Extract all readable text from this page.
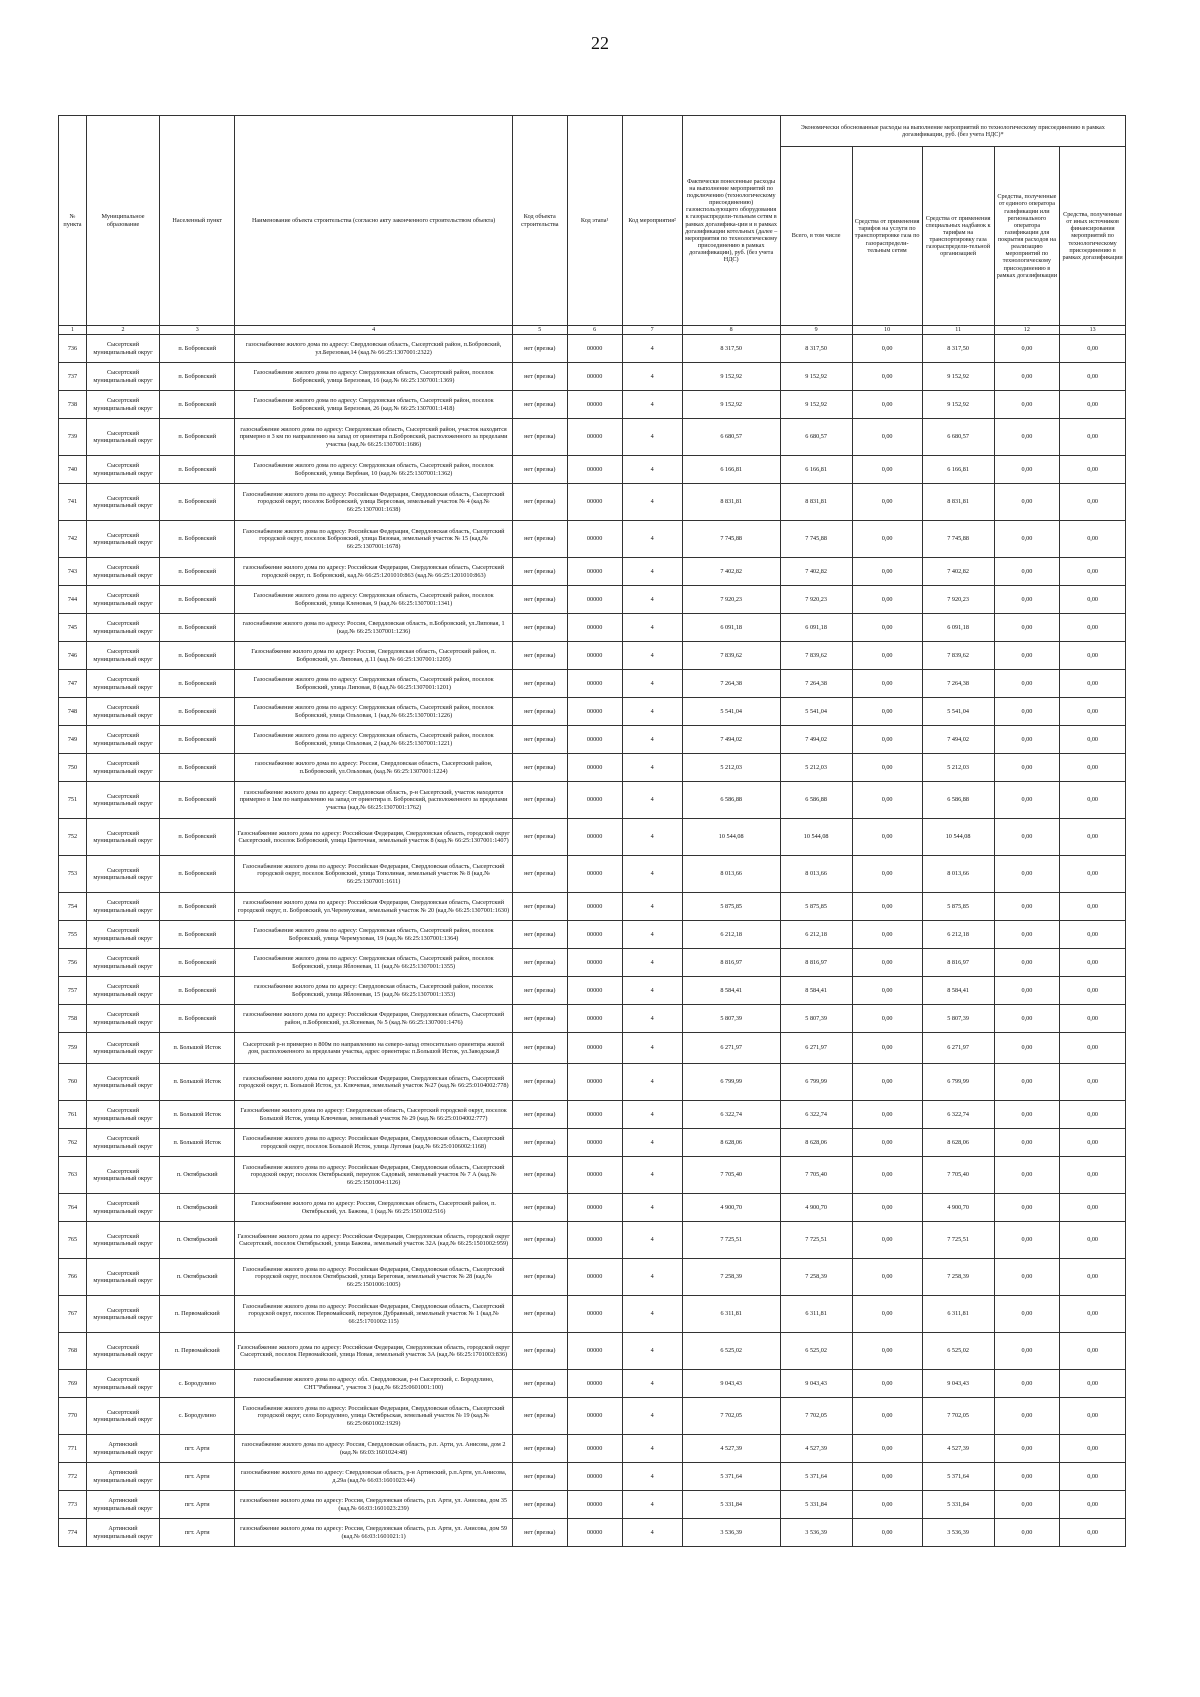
22
№ пункта	Муниципальное образование	Населенный пункт	Наименование объекта строительства (согласно акту законченного строительством объекта)	Код объекта строительства	Код этапа¹	Код мероприятия²	Фактически понесенные расходы на выполнение мероприятий по подключению (технологическому присоединению) газоиспользующего оборудования к газораспредели-тельным сетям в рамках догазифика-ции и в рамках догазификации котельных (далее – мероприятия по технологическому присоединению в рамках догазификации), руб. (без учета НДС)	Экономически обоснованные расходы на выполнение мероприятий по технологическому присоединению в рамках догазификации, руб. (без учета НДС)*				
								Всего, в том числе	Средства от применения тарифов на услуги по транспортировке газа по газораспредели-тельным сетям	Средства от применения специальных надбавок к тарифам на транспортировку газа газораспредели-тельной организацией	Средства, полученные от единого оператора газификации или регионального оператора газификации для покрытия расходов на реализацию мероприятий по технологическому присоединению в рамках догазификации	Средства, полученные от иных источников финансирования мероприятий по технологическому присоединению в рамках догазификации
1	2	3	4	5	6	7	8	9	10	11	12	13
736	Сысертский муниципальный округ	п. Бобровский	газоснабжение жилого дома по адресу: Свердловская область, Сысертский район, п.Бобровский, ул.Березовая,14 (кад.№ 66:25:1307001:2322)	нет (врезка)	00000	4	8 317,50	8 317,50	0,00	8 317,50	0,00	0,00
737	Сысертский муниципальный округ	п. Бобровский	Газоснабжение жилого дома по адресу: Свердловская область, Сысертский район, поселок Бобровский, улица Березовая, 16 (кад.№ 66:25:1307001:1369)	нет (врезка)	00000	4	9 152,92	9 152,92	0,00	9 152,92	0,00	0,00
738	Сысертский муниципальный округ	п. Бобровский	Газоснабжение жилого дома по адресу: Свердловская область, Сысертский район, поселок Бобровский, улица Березовая, 26 (кад.№ 66:25:1307001:1418)	нет (врезка)	00000	4	9 152,92	9 152,92	0,00	9 152,92	0,00	0,00
739	Сысертский муниципальный округ	п. Бобровский	газоснабжение жилого дома по адресу: Свердловская область, Сысертский район, участок находится примерно в 3 км по направлению на запад от ориентира п.Бобровский, расположенного за пределами участка (кад.№ 66:25:1307001:1686)	нет (врезка)	00000	4	6 680,57	6 680,57	0,00	6 680,57	0,00	0,00
740	Сысертский муниципальный округ	п. Бобровский	Газоснабжение жилого дома по адресу: Свердловская область, Сысертский район, поселок Бобровский, улица Вербная, 10 (кад.№ 66:25:1307001:1362)	нет (врезка)	00000	4	6 166,81	6 166,81	0,00	6 166,81	0,00	0,00
741	Сысертский муниципальный округ	п. Бобровский	Газоснабжение жилого дома по адресу: Российская Федерация, Свердловская область, Сысертский городской округ, поселок Бобровский, улица Вересовая, земельный участок № 4 (кад.№ 66:25:1307001:1638)	нет (врезка)	00000	4	8 831,81	8 831,81	0,00	8 831,81	0,00	0,00
742	Сысертский муниципальный округ	п. Бобровский	Газоснабжение жилого дома по адресу: Российская Федерация, Свердловская область, Сысертский городской округ, поселок Бобровский, улица Вязовая, земельный участок № 15 (кад.№ 66:25:1307001:1678)	нет (врезка)	00000	4	7 745,88	7 745,88	0,00	7 745,88	0,00	0,00
743	Сысертский муниципальный округ	п. Бобровский	газоснабжение жилого дома по адресу: Российская Федерация, Свердловская область, Сысертский городской округ, п. Бобровский, кад.№ 66:25:1201010:863 (кад.№ 66:25:1201010:863)	нет (врезка)	00000	4	7 402,82	7 402,82	0,00	7 402,82	0,00	0,00
744	Сысертский муниципальный округ	п. Бобровский	Газоснабжение жилого дома по адресу: Свердловская область, Сысертский район, поселок Бобровский, улица Кленовая, 9 (кад.№ 66:25:1307001:1341)	нет (врезка)	00000	4	7 920,23	7 920,23	0,00	7 920,23	0,00	0,00
745	Сысертский муниципальный округ	п. Бобровский	газоснабжение жилого дома по адресу: Россия, Свердловская область, п.Бобровский, ул.Липовая, 1 (кад.№ 66:25:1307001:1236)	нет (врезка)	00000	4	6 091,18	6 091,18	0,00	6 091,18	0,00	0,00
746	Сысертский муниципальный округ	п. Бобровский	Газоснабжение жилого дома по адресу: Россия, Свердловская область, Сысертский район, п. Бобровский, ул. Липовая, д.11 (кад.№ 66:25:1307001:1205)	нет (врезка)	00000	4	7 839,62	7 839,62	0,00	7 839,62	0,00	0,00
747	Сысертский муниципальный округ	п. Бобровский	Газоснабжение жилого дома по адресу: Свердловская область, Сысертский район, поселок Бобровский, улица Липовая, 8 (кад.№ 66:25:1307001:1201)	нет (врезка)	00000	4	7 264,38	7 264,38	0,00	7 264,38	0,00	0,00
748	Сысертский муниципальный округ	п. Бобровский	Газоснабжение жилого дома по адресу: Свердловская область, Сысертский район, поселок Бобровский, улица Ольховая, 1 (кад.№ 66:25:1307001:1226)	нет (врезка)	00000	4	5 541,04	5 541,04	0,00	5 541,04	0,00	0,00
749	Сысертский муниципальный округ	п. Бобровский	Газоснабжение жилого дома по адресу: Свердловская область, Сысертский район, поселок Бобровский, улица Ольховая, 2 (кад.№ 66:25:1307001:1221)	нет (врезка)	00000	4	7 494,02	7 494,02	0,00	7 494,02	0,00	0,00
750	Сысертский муниципальный округ	п. Бобровский	газоснабжение жилого дома по адресу: Россия, Свердловская область, Сысертский район, п.Бобровский, ул.Ольховая, (кад.№ 66:25:1307001:1224)	нет (врезка)	00000	4	5 212,03	5 212,03	0,00	5 212,03	0,00	0,00
751	Сысертский муниципальный округ	п. Бобровский	газоснабжение жилого дома по адресу: Свердловская область, р-н Сысертский, участок находится примерно в 1км по направлению на запад от ориентира п. Бобровский, расположенного за пределами участка (кад.№ 66:25:1307001:1762)	нет (врезка)	00000	4	6 586,88	6 586,88	0,00	6 586,88	0,00	0,00
752	Сысертский муниципальный округ	п. Бобровский	Газоснабжение жилого дома по адресу: Российская Федерация, Свердловская область, городской округ Сысертский, поселок Бобровский, улица Цветочная, земельный участок 8 (кад.№ 66:25:1307001:1407)	нет (врезка)	00000	4	10 544,08	10 544,08	0,00	10 544,08	0,00	0,00
753	Сысертский муниципальный округ	п. Бобровский	Газоснабжение жилого дома по адресу: Российская Федерация, Свердловская область, Сысертский городской округ, поселок Бобровский, улица Тополиная, земельный участок № 8 (кад.№ 66:25:1307001:1611)	нет (врезка)	00000	4	8 013,66	8 013,66	0,00	8 013,66	0,00	0,00
754	Сысертский муниципальный округ	п. Бобровский	газоснабжение жилого дома по адресу: Российская Федерация, Свердловская область, Сысертский городской округ, п. Бобровский, ул.Черемуховая, земельный участок № 20 (кад.№ 66:25:1307001:1630)	нет (врезка)	00000	4	5 875,85	5 875,85	0,00	5 875,85	0,00	0,00
755	Сысертский муниципальный округ	п. Бобровский	Газоснабжение жилого дома по адресу: Свердловская область, Сысертский район, поселок Бобровский, улица Черемуховая, 19 (кад.№ 66:25:1307001:1364)	нет (врезка)	00000	4	6 212,18	6 212,18	0,00	6 212,18	0,00	0,00
756	Сысертский муниципальный округ	п. Бобровский	Газоснабжение жилого дома по адресу: Свердловская область, Сысертский район, поселок Бобровский, улица Яблоневая, 11 (кад.№ 66:25:1307001:1355)	нет (врезка)	00000	4	8 816,97	8 816,97	0,00	8 816,97	0,00	0,00
757	Сысертский муниципальный округ	п. Бобровский	газоснабжение жилого дома по адресу: Свердловская область, Сысертский район, поселок Бобровский, улица Яблоневая, 15 (кад.№ 66:25:1307001:1353)	нет (врезка)	00000	4	8 584,41	8 584,41	0,00	8 584,41	0,00	0,00
758	Сысертский муниципальный округ	п. Бобровский	газоснабжение жилого дома по адресу: Российская Федерация, Свердловская область, Сысертский район, п.Бобровский, ул.Ясеневая, № 5 (кад.№ 66:25:1307001:1476)	нет (врезка)	00000	4	5 807,39	5 807,39	0,00	5 807,39	0,00	0,00
759	Сысертский муниципальный округ	п. Большой Исток	Сысертский р-н примерно в 800м по направлению на северо-запад относительно ориентира жилой дом, расположенного за пределами участка, адрес ориентира: п.Большой Исток, ул.Заводская,8	нет (врезка)	00000	4	6 271,97	6 271,97	0,00	6 271,97	0,00	0,00
760	Сысертский муниципальный округ	п. Большой Исток	газоснабжение жилого дома по адресу: Российская Федерация, Свердловская область, Сысертский городской округ, п. Большой Исток, ул. Ключевая, земельный участок №27 (кад.№ 66:25:0104002:778)	нет (врезка)	00000	4	6 799,99	6 799,99	0,00	6 799,99	0,00	0,00
761	Сысертский муниципальный округ	п. Большой Исток	Газоснабжение жилого дома по адресу: Свердловская область, Сысертский городской округ, поселок Большой Исток, улица Ключевая, земельный участок № 29 (кад.№ 66:25:0104002:777)	нет (врезка)	00000	4	6 322,74	6 322,74	0,00	6 322,74	0,00	0,00
762	Сысертский муниципальный округ	п. Большой Исток	Газоснабжение жилого дома по адресу: Российская Федерация, Свердловская область, Сысертский городской округ, поселок Большой Исток, улица Луговая (кад.№ 66:25:0106002:1168)	нет (врезка)	00000	4	8 628,06	8 628,06	0,00	8 628,06	0,00	0,00
763	Сысертский муниципальный округ	п. Октябрьский	Газоснабжение жилого дома по адресу: Российская Федерация, Свердловская область, Сысертский городской округ, поселок Октябрьский, переулок Садовый, земельный участок № 7 А (кад.№ 66:25:1501004:1126)	нет (врезка)	00000	4	7 705,40	7 705,40	0,00	7 705,40	0,00	0,00
764	Сысертский муниципальный округ	п. Октябрьский	Газоснабжение жилого дома по адресу: Россия, Свердловская область, Сысертский район, п. Октябрьский, ул. Бажова, 1 (кад.№ 66:25:1501002:516)	нет (врезка)	00000	4	4 900,70	4 900,70	0,00	4 900,70	0,00	0,00
765	Сысертский муниципальный округ	п. Октябрьский	Газоснабжение жилого дома по адресу: Российская Федерация, Свердловская область, городской округ Сысертский, поселок Октябрьский, улица Бажова, земельный участок 32А (кад.№ 66:25:1501002:959)	нет (врезка)	00000	4	7 725,51	7 725,51	0,00	7 725,51	0,00	0,00
766	Сысертский муниципальный округ	п. Октябрьский	Газоснабжение жилого дома по адресу: Российская Федерация, Свердловская область, Сысертский городской округ, поселок Октябрьский, улица Береговая, земельный участок № 28 (кад.№ 66:25:1501006:1005)	нет (врезка)	00000	4	7 258,39	7 258,39	0,00	7 258,39	0,00	0,00
767	Сысертский муниципальный округ	п. Первомайский	Газоснабжение жилого дома по адресу: Российская Федерация, Свердловская область, Сысертский городской округ, поселок Первомайский, переулок Дубравный, земельный участок № 1 (кад.№ 66:25:1701002:115)	нет (врезка)	00000	4	6 311,81	6 311,81	0,00	6 311,81	0,00	0,00
768	Сысертский муниципальный округ	п. Первомайский	Газоснабжение жилого дома по адресу: Российская Федерация, Свердловская область, городской округ Сысертский, поселок Первомайский, улица Новая, земельный участок 3А (кад.№ 66:25:1701003:836)	нет (врезка)	00000	4	6 525,02	6 525,02	0,00	6 525,02	0,00	0,00
769	Сысертский муниципальный округ	с. Бородулино	газоснабжение жилого дома по адресу: обл. Свердловская, р-н Сысертский, с. Бородулино, СНТ"Рябинка", участок 3 (кад.№ 66:25:0601001:100)	нет (врезка)	00000	4	9 043,43	9 043,43	0,00	9 043,43	0,00	0,00
770	Сысертский муниципальный округ	с. Бородулино	Газоснабжение жилого дома по адресу: Российская Федерация, Свердловская область, Сысертский городской округ, село Бородулино, улица Октябрьская, земельный участок № 19 (кад.№ 66:25:0601002:1929)	нет (врезка)	00000	4	7 702,05	7 702,05	0,00	7 702,05	0,00	0,00
771	Артинский муниципальный округ	пгт. Арти	газоснабжение жилого дома по адресу: Россия, Свердловская область, р.п. Арти, ул. Анисова, дом 2 (кад.№ 66:03:1601024:48)	нет (врезка)	00000	4	4 527,39	4 527,39	0,00	4 527,39	0,00	0,00
772	Артинский муниципальный округ	пгт. Арти	газоснабжение жилого дома по адресу: Свердловская область, р-н Артинский, р.п.Арти, ул.Анисова, д.29а (кад.№ 66:03:1601023:44)	нет (врезка)	00000	4	5 371,64	5 371,64	0,00	5 371,64	0,00	0,00
773	Артинский муниципальный округ	пгт. Арти	газоснабжение жилого дома по адресу: Россия, Свердловская область, р.п. Арти, ул. Анисова, дом 35 (кад.№ 66:03:1601023:239)	нет (врезка)	00000	4	5 331,84	5 331,84	0,00	5 331,84	0,00	0,00
774	Артинский муниципальный округ	пгт. Арти	газоснабжение жилого дома по адресу: Россия, Свердловская область, р.п. Арти, ул. Анисова, дом 59 (кад.№ 66:03:1601021:1)	нет (врезка)	00000	4	3 536,39	3 536,39	0,00	3 536,39	0,00	0,00
